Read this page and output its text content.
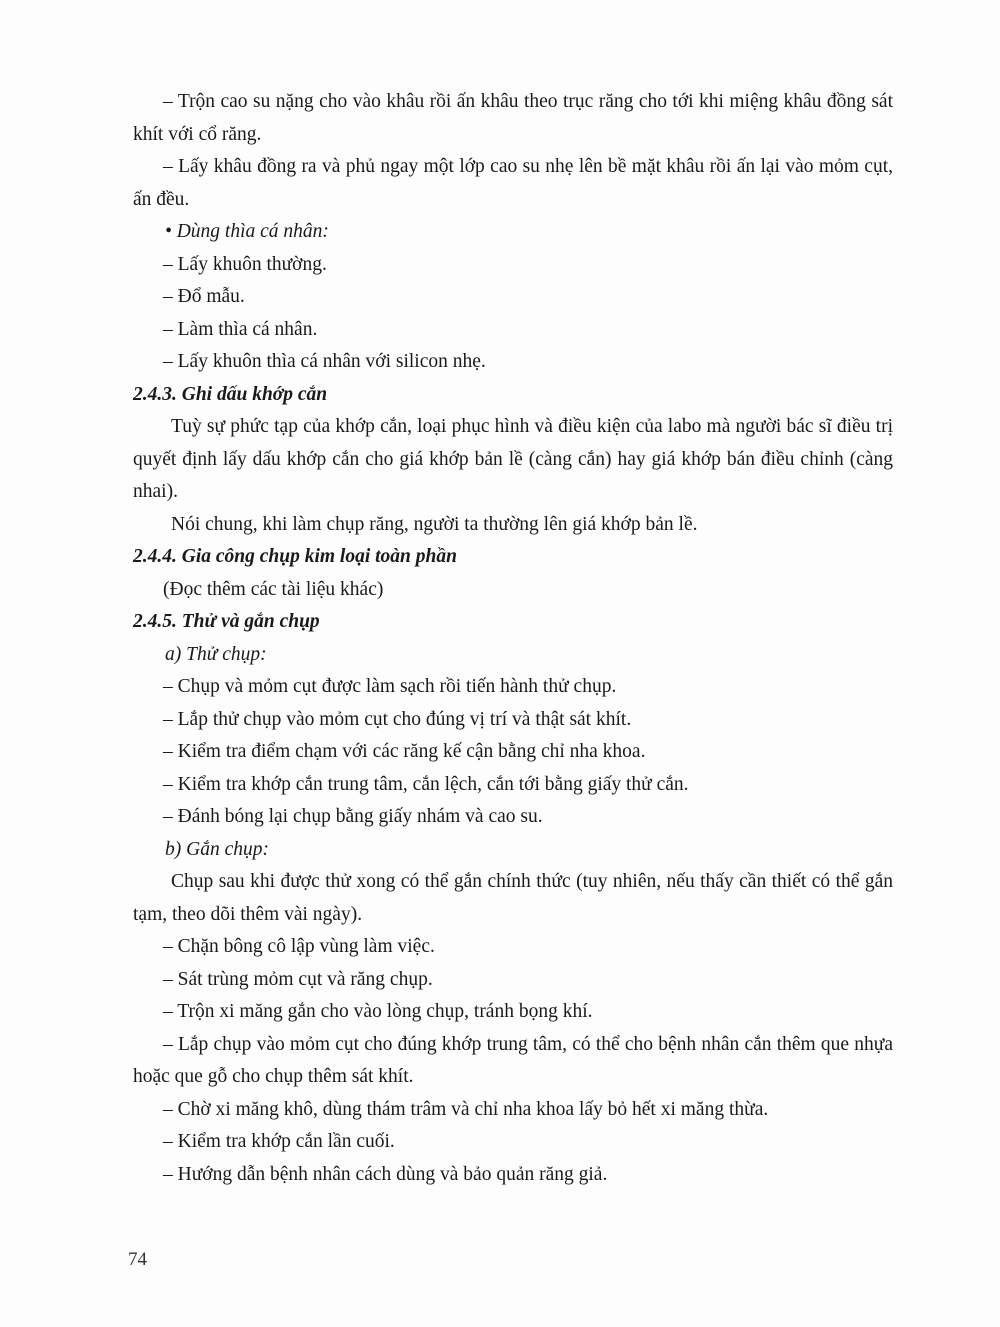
– Trộn cao su nặng cho vào khâu rồi ấn khâu theo trục răng cho tới khi miệng khâu đồng sát khít với cổ răng.

– Lấy khâu đồng ra và phủ ngay một lớp cao su nhẹ lên bề mặt khâu rồi ấn lại vào mỏm cụt, ấn đều.

• Dùng thìa cá nhân:

– Lấy khuôn thường.

– Đổ mẫu.

– Làm thìa cá nhân.

– Lấy khuôn thìa cá nhân với silicon nhẹ.

2.4.3. Ghi dấu khớp cắn

Tuỳ sự phức tạp của khớp cắn, loại phục hình và điều kiện của labo mà người bác sĩ điều trị quyết định lấy dấu khớp cắn cho giá khớp bản lề (càng cắn) hay giá khớp bán điều chỉnh (càng nhai).

Nói chung, khi làm chụp răng, người ta thường lên giá khớp bản lề.

2.4.4. Gia công chụp kim loại toàn phần

(Đọc thêm các tài liệu khác)

2.4.5. Thử và gắn chụp

a) Thử chụp:

– Chụp và mỏm cụt được làm sạch rồi tiến hành thử chụp.

– Lắp thử chụp vào mỏm cụt cho đúng vị trí và thật sát khít.

– Kiểm tra điểm chạm với các răng kế cận bằng chỉ nha khoa.

– Kiểm tra khớp cắn trung tâm, cắn lệch, cắn tới bằng giấy thử cắn.

– Đánh bóng lại chụp bằng giấy nhám và cao su.

b) Gắn chụp:

Chụp sau khi được thử xong có thể gắn chính thức (tuy nhiên, nếu thấy cần thiết có thể gắn tạm, theo dõi thêm vài ngày).

– Chặn bông cô lập vùng làm việc.

– Sát trùng mỏm cụt và răng chụp.

– Trộn xi măng gắn cho vào lòng chụp, tránh bọng khí.

– Lắp chụp vào mỏm cụt cho đúng khớp trung tâm, có thể cho bệnh nhân cắn thêm que nhựa hoặc que gỗ cho chụp thêm sát khít.

– Chờ xi măng khô, dùng thám trâm và chỉ nha khoa lấy bỏ hết xi măng thừa.

– Kiểm tra khớp cắn lần cuối.

– Hướng dẫn bệnh nhân cách dùng và bảo quản răng giả.

74
